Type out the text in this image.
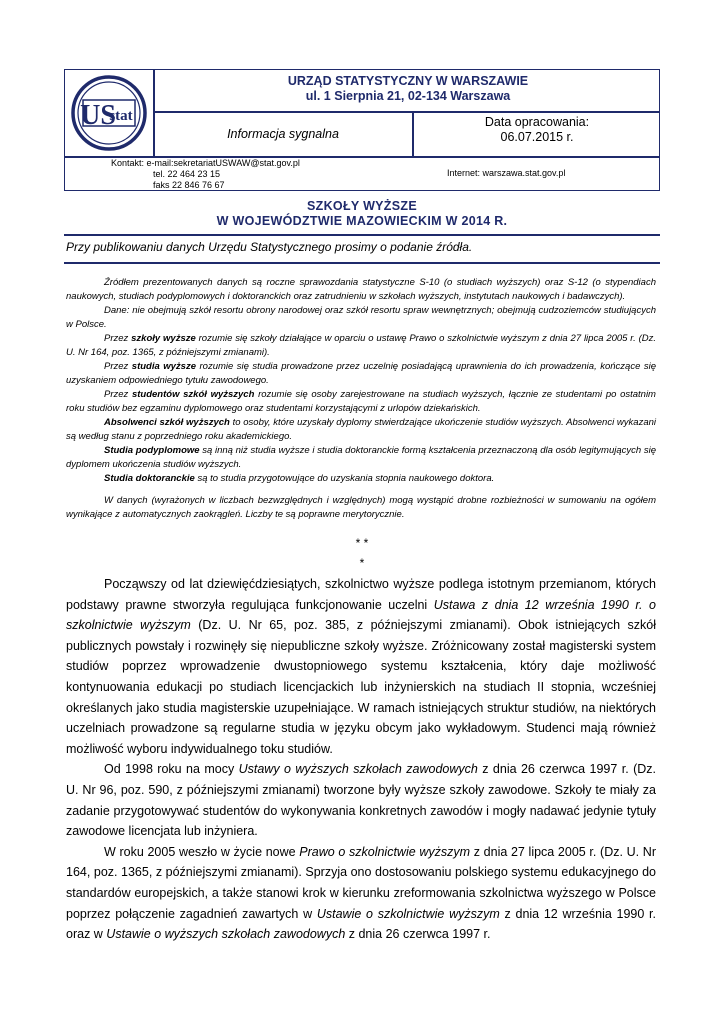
US
stat
URZĄD STATYSTYCZNY W WARSZAWIE
ul. 1 Sierpnia 21, 02-134 Warszawa
Informacja sygnalna
Data opracowania:
06.07.2015 r.
Kontakt: e-mail:sekretariatUSWAW@stat.gov.pl
tel. 22 464 23 15
faks 22 846 76 67
Internet: warszawa.stat.gov.pl
SZKOŁY WYŻSZE
W WOJEWÓDZTWIE MAZOWIECKIM W 2014 R.
Przy publikowaniu danych Urzędu Statystycznego prosimy o podanie źródła.

Źródłem prezentowanych danych są roczne sprawozdania statystyczne S-10 (o studiach wyższych) oraz S-12 (o stypendiach naukowych, studiach podyplomowych i doktoranckich oraz zatrudnieniu w szkołach wyższych, instytutach naukowych i badawczych).

Dane: nie obejmują szkół resortu obrony narodowej oraz szkół resortu spraw wewnętrznych; obejmują cudzoziemców studiujących w Polsce.

Przez szkoły wyższe rozumie się szkoły działające w oparciu o ustawę Prawo o szkolnictwie wyższym z dnia 27 lipca 2005 r. (Dz. U. Nr 164, poz. 1365, z późniejszymi zmianami).

Przez studia wyższe rozumie się studia prowadzone przez uczelnię posiadającą uprawnienia do ich prowadzenia, kończące się uzyskaniem odpowiedniego tytułu zawodowego.

Przez studentów szkół wyższych rozumie się osoby zarejestrowane na studiach wyższych, łącznie ze studentami po ostatnim roku studiów bez egzaminu dyplomowego oraz studentami korzystającymi z urlopów dziekańskich.

Absolwenci szkół wyższych to osoby, które uzyskały dyplomy stwierdzające ukończenie studiów wyższych. Absolwenci wykazani są według stanu z poprzedniego roku akademickiego.

Studia podyplomowe są inną niż studia wyższe i studia doktoranckie formą kształcenia przeznaczoną dla osób legitymujących się dyplomem ukończenia studiów wyższych.

Studia doktoranckie są to studia przygotowujące do uzyskania stopnia naukowego doktora.

W danych (wyrażonych w liczbach bezwzględnych i względnych) mogą wystąpić drobne rozbieżności w sumowaniu na ogółem wynikające z automatycznych zaokrągleń. Liczby te są poprawne merytorycznie.

* *
*

Począwszy od lat dziewięćdziesiątych, szkolnictwo wyższe podlega istotnym przemianom, których podstawy prawne stworzyła regulująca funkcjonowanie uczelni Ustawa z dnia 12 września 1990 r. o szkolnictwie wyższym (Dz. U. Nr 65, poz. 385, z późniejszymi zmianami). Obok istniejących szkół publicznych powstały i rozwinęły się niepubliczne szkoły wyższe. Zróżnicowany został magisterski system studiów poprzez wprowadzenie dwustopniowego systemu kształcenia, który daje możliwość kontynuowania edukacji po studiach licencjackich lub inżynierskich na studiach II stopnia, wcześniej określanych jako studia magisterskie uzupełniające. W ramach istniejących struktur studiów, na niektórych uczelniach prowadzone są regularne studia w języku obcym jako wykładowym. Studenci mają również możliwość wyboru indywidualnego toku studiów.

Od 1998 roku na mocy Ustawy o wyższych szkołach zawodowych z dnia 26 czerwca 1997 r. (Dz. U. Nr 96, poz. 590, z późniejszymi zmianami) tworzone były wyższe szkoły zawodowe. Szkoły te miały za zadanie przygotowywać studentów do wykonywania konkretnych zawodów i mogły nadawać jedynie tytuły zawodowe licencjata lub inżyniera.

W roku 2005 weszło w życie nowe Prawo o szkolnictwie wyższym z dnia 27 lipca 2005 r. (Dz. U. Nr 164, poz. 1365, z późniejszymi zmianami). Sprzyja ono dostosowaniu polskiego systemu edukacyjnego do standardów europejskich, a także stanowi krok w kierunku zreformowania szkolnictwa wyższego w Polsce poprzez połączenie zagadnień zawartych w Ustawie o szkolnictwie wyższym z dnia 12 września 1990 r. oraz w Ustawie o wyższych szkołach zawodowych z dnia 26 czerwca 1997 r.
